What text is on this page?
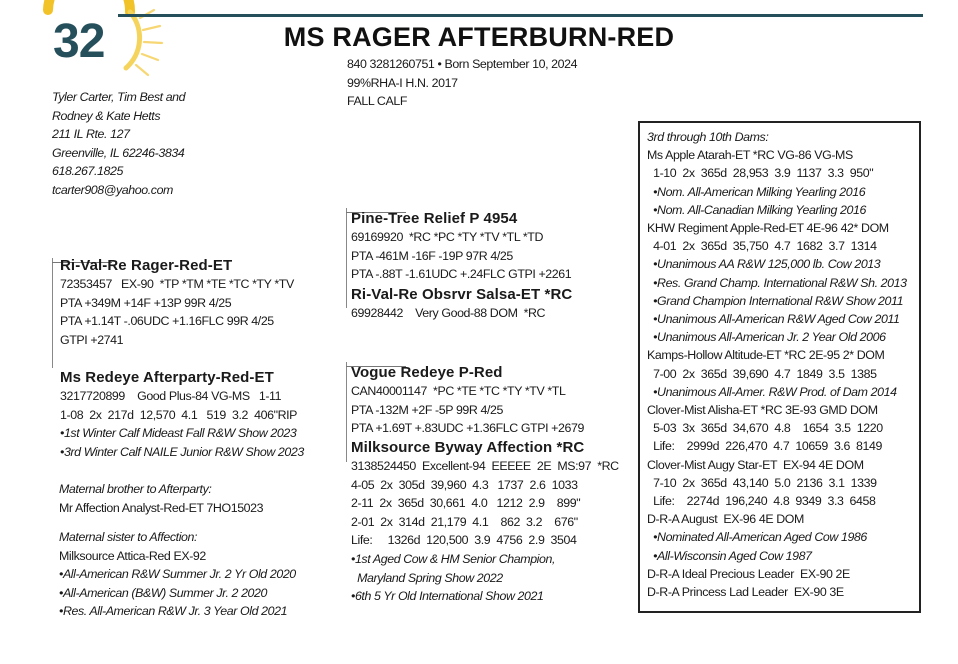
32	MS RAGER AFTERBURN-RED
840 3281260751 • Born September 10, 2024
99%RHA-I H.N. 2017
FALL CALF
Tyler Carter, Tim Best and
Rodney & Kate Hetts
211 IL Rte. 127
Greenville, IL 62246-3834
618.267.1825
tcarter908@yahoo.com
Ri-Val-Re Rager-Red-ET
72353457   EX-90  *TP *TM *TE *TC *TY *TV
PTA +349M +14F +13P 99R 4/25
PTA +1.14T -.06UDC +1.16FLC 99R 4/25
GTPI +2741
Pine-Tree Relief P 4954
69169920  *RC *PC *TY *TV *TL *TD
PTA -461M -16F -19P 97R 4/25
PTA -.88T -1.61UDC +.24FLC GTPI +2261
Ri-Val-Re Obsrvr Salsa-ET *RC
69928442    Very Good-88 DOM  *RC
Ms Redeye Afterparty-Red-ET
3217720899    Good Plus-84 VG-MS   1-11
1-08  2x  217d  12,570  4.1   519  3.2  406"RIP
•1st Winter Calf Mideast Fall R&W Show 2023
•3rd Winter Calf NAILE Junior R&W Show 2023
Vogue Redeye P-Red
CAN40001147  *PC *TE *TC *TY *TV *TL
PTA -132M +2F -5P 99R 4/25
PTA +1.69T +.83UDC +1.36FLC GTPI +2679
Milksource Byway Affection *RC
3138524450  Excellent-94  EEEEE  2E  MS:97  *RC
4-05  2x  305d  39,960  4.3   1737  2.6  1033
2-11  2x  365d  30,661  4.0   1212  2.9    899"
2-01  2x  314d  21,179  4.1    862  3.2    676"
Life:     1326d  120,500  3.9  4756  2.9  3504
•1st Aged Cow & HM Senior Champion,
Maryland Spring Show 2022
•6th 5 Yr Old International Show 2021
Maternal brother to Afterparty:
Mr Affection Analyst-Red-ET 7HO15023
Maternal sister to Affection:
Milksource Attica-Red EX-92
•All-American R&W Summer Jr. 2 Yr Old 2020
•All-American (B&W) Summer Jr. 2 2020
•Res. All-American R&W Jr. 3 Year Old 2021
3rd through 10th Dams:
Ms Apple Atarah-ET *RC VG-86 VG-MS
1-10  2x  365d  28,953  3.9  1137  3.3  950"
•Nom. All-American Milking Yearling 2016
•Nom. All-Canadian Milking Yearling 2016
KHW Regiment Apple-Red-ET 4E-96 42* DOM
4-01  2x  365d  35,750  4.7  1682  3.7  1314
•Unanimous AA R&W 125,000 lb. Cow 2013
•Res. Grand Champ. International R&W Sh. 2013
•Grand Champion International R&W Show 2011
•Unanimous All-American R&W Aged Cow 2011
•Unanimous All-American Jr. 2 Year Old 2006
Kamps-Hollow Altitude-ET *RC 2E-95 2* DOM
7-00  2x  365d  39,690  4.7  1849  3.5  1385
•Unanimous All-Amer. R&W Prod. of Dam 2014
Clover-Mist Alisha-ET *RC 3E-93 GMD DOM
5-03  3x  365d  34,670  4.8    1654  3.5  1220
Life:    2999d  226,470  4.7  10659  3.6  8149
Clover-Mist Augy Star-ET  EX-94 4E DOM
7-10  2x  365d  43,140  5.0  2136  3.1  1339
Life:    2274d  196,240  4.8  9349  3.3  6458
D-R-A August  EX-96 4E DOM
•Nominated All-American Aged Cow 1986
•All-Wisconsin Aged Cow 1987
D-R-A Ideal Precious Leader  EX-90 2E
D-R-A Princess Lad Leader  EX-90 3E
